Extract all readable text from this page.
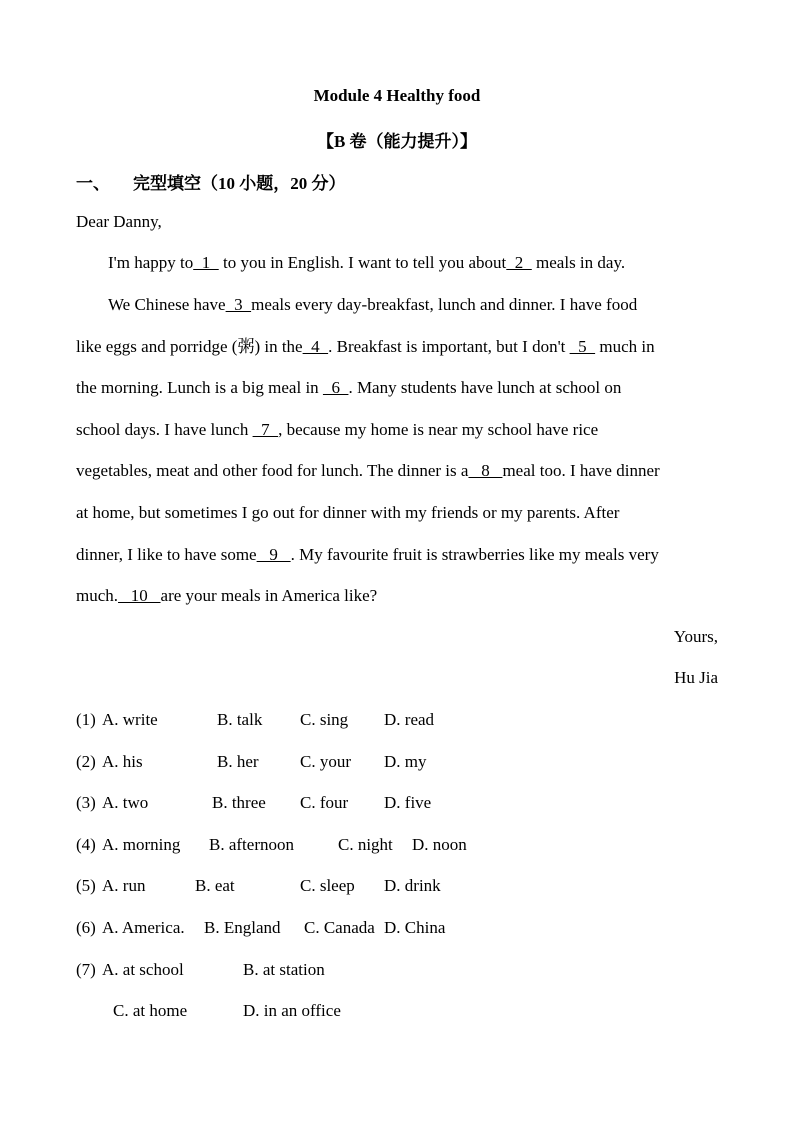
Module 4 Healthy food
【B 卷（能力提升）】
一、 完型填空（10 小题，20 分）
Dear Danny,
I'm happy to  1   to you in English. I want to tell you about  2   meals in day.
We Chinese have  3  meals every day-breakfast, lunch and dinner. I have food
like eggs and porridge (粥) in the  4  . Breakfast is important, but I don't   5   much in
the morning. Lunch is a big meal in   6  . Many students have lunch at school on
school days. I have lunch   7  , because my home is near my school have rice
vegetables, meat and other food for lunch. The dinner is a   8   meal too. I have dinner
at home, but sometimes I go out for dinner with my friends or my parents. After
dinner, I like to have some   9   . My favourite fruit is strawberries like my meals very
much.   10   are your meals in America like?
Yours,
Hu Jia
(1) A. write	B. talk C. sing D. read
(2) A. his	B. her C. your D. my
(3) A. two	B. three C. four D. five
(4) A. morning B. afternoon	C. night D. noon
(5) A. run	B. eat	C. sleep D. drink
(6) A. America. B. England C. Canada D. China
(7) A. at school	B. at station
C. at home	D. in an office
